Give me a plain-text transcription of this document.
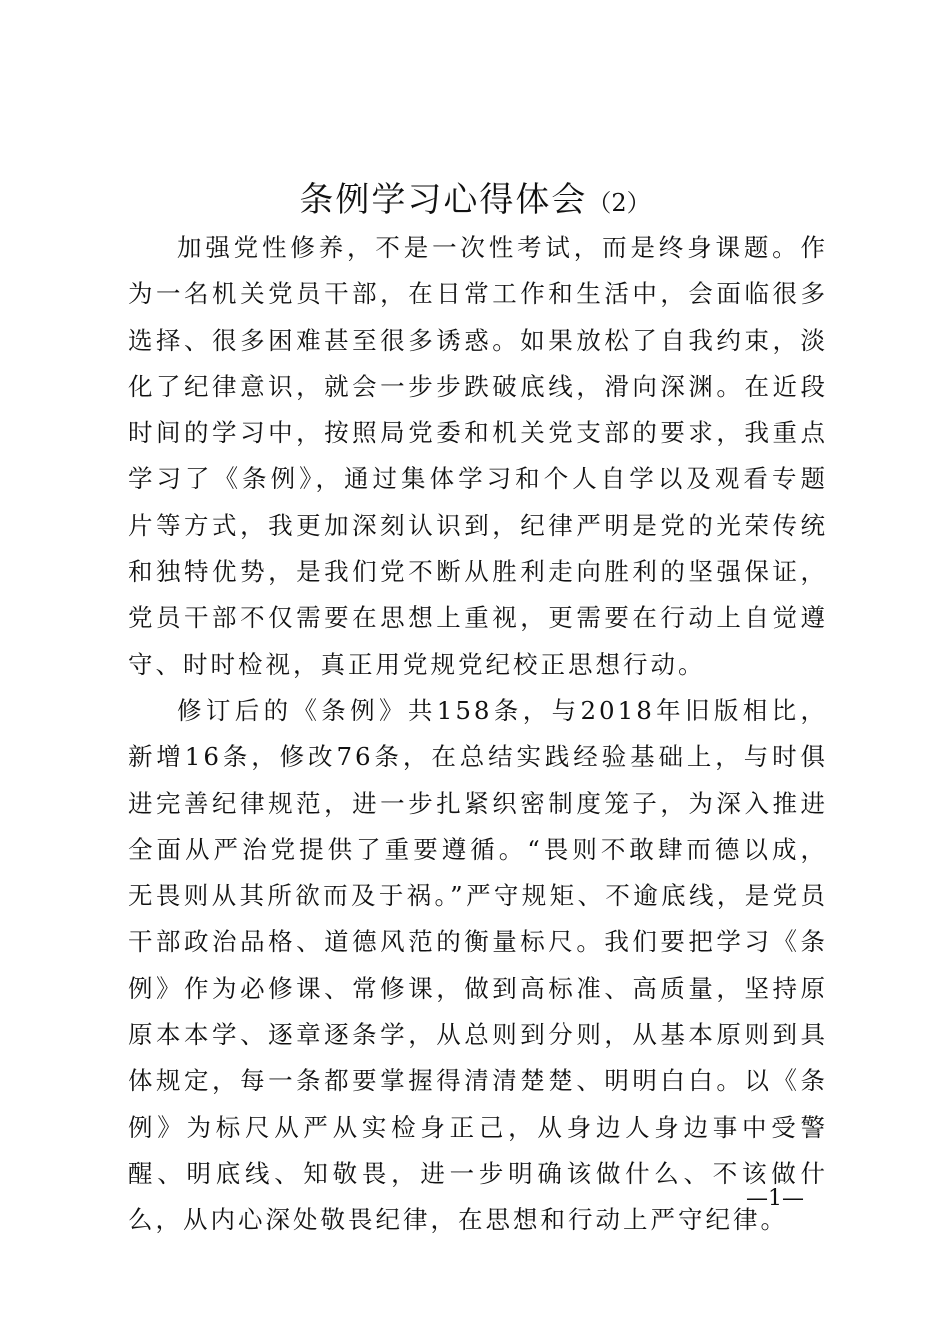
条例学习心得体会（2）

加强党性修养，不是一次性考试，而是终身课题。作为一名机关党员干部，在日常工作和生活中，会面临很多选择、很多困难甚至很多诱惑。如果放松了自我约束，淡化了纪律意识，就会一步步跌破底线，滑向深渊。在近段时间的学习中，按照局党委和机关党支部的要求，我重点学习了《条例》，通过集体学习和个人自学以及观看专题片等方式，我更加深刻认识到，纪律严明是党的光荣传统和独特优势，是我们党不断从胜利走向胜利的坚强保证，党员干部不仅需要在思想上重视，更需要在行动上自觉遵守、时时检视，真正用党规党纪校正思想行动。

修订后的《条例》共158条，与2018年旧版相比，新增16条，修改76条，在总结实践经验基础上，与时俱进完善纪律规范，进一步扎紧织密制度笼子，为深入推进全面从严治党提供了重要遵循。“畏则不敢肆而德以成，无畏则从其所欲而及于祸。”严守规矩、不逾底线，是党员干部政治品格、道德风范的衡量标尺。我们要把学习《条例》作为必修课、常修课，做到高标准、高质量，坚持原原本本学、逐章逐条学，从总则到分则，从基本原则到具体规定，每一条都要掌握得清清楚楚、明明白白。以《条例》为标尺从严从实检身正己，从身边人身边事中受警醒、明底线、知敬畏，进一步明确该做什么、不该做什么，从内心深处敬畏纪律，在思想和行动上严守纪律。

—1—
